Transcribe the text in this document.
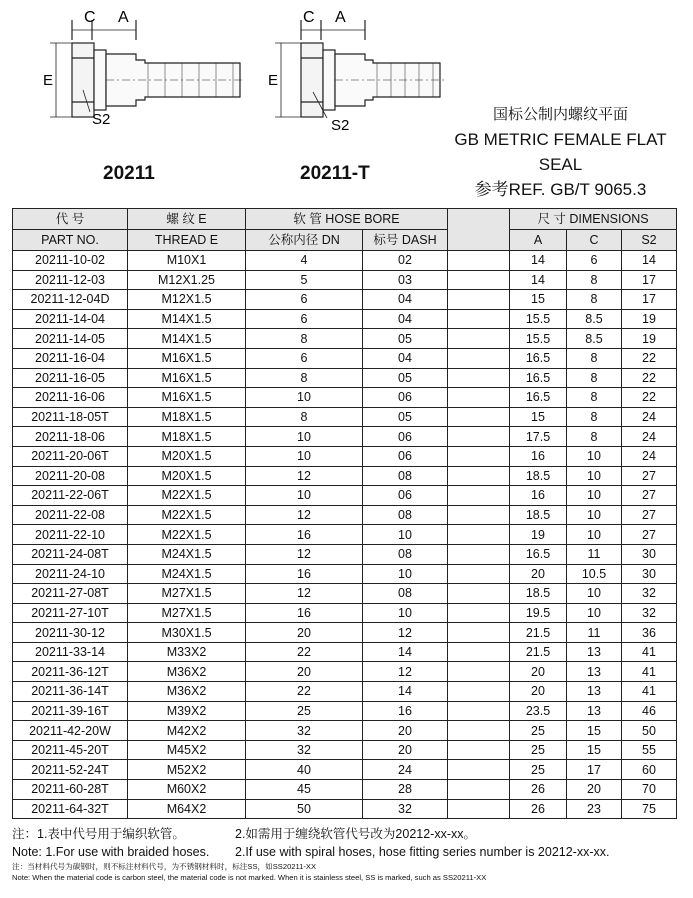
C A
E
S2
C A
E
S2
20211	20211-T
国标公制内螺纹平面
GB METRIC FEMALE FLAT SEAL
参考REF. GB/T 9065.3
代 号	螺 纹 E	软 管 HOSE BORE			尺 寸 DIMENSIONS		
PART NO.	THREAD E	公称内径 DN	标号 DASH		A	C	S2
20211-10-02	M10X1	4	02		14	6	14
20211-12-03	M12X1.25	5	03		14	8	17
20211-12-04D	M12X1.5	6	04		15	8	17
20211-14-04	M14X1.5	6	04		15.5	8.5	19
20211-14-05	M14X1.5	8	05		15.5	8.5	19
20211-16-04	M16X1.5	6	04		16.5	8	22
20211-16-05	M16X1.5	8	05		16.5	8	22
20211-16-06	M16X1.5	10	06		16.5	8	22
20211-18-05T	M18X1.5	8	05		15	8	24
20211-18-06	M18X1.5	10	06		17.5	8	24
20211-20-06T	M20X1.5	10	06		16	10	24
20211-20-08	M20X1.5	12	08		18.5	10	27
20211-22-06T	M22X1.5	10	06		16	10	27
20211-22-08	M22X1.5	12	08		18.5	10	27
20211-22-10	M22X1.5	16	10		19	10	27
20211-24-08T	M24X1.5	12	08		16.5	11	30
20211-24-10	M24X1.5	16	10		20	10.5	30
20211-27-08T	M27X1.5	12	08		18.5	10	32
20211-27-10T	M27X1.5	16	10		19.5	10	32
20211-30-12	M30X1.5	20	12		21.5	11	36
20211-33-14	M33X2	22	14		21.5	13	41
20211-36-12T	M36X2	20	12		20	13	41
20211-36-14T	M36X2	22	14		20	13	41
20211-39-16T	M39X2	25	16		23.5	13	46
20211-42-20W	M42X2	32	20		25	15	50
20211-45-20T	M45X2	32	20		25	15	55
20211-52-24T	M52X2	40	24		25	17	60
20211-60-28T	M60X2	45	28		26	20	70
20211-64-32T	M64X2	50	32		26	23	75
注：1.表中代号用于编织软管。	2.如需用于缠绕软管代号改为20212-xx-xx。
Note: 1.For use with braided hoses. 2.If use with spiral hoses, hose fitting series number is 20212-xx-xx.
注：当材料代号为碳钢时，则不标注材料代号，为不锈钢材料时，标注SS，如SS20211-XX
Note: When the material code is carbon steel, the material code is not marked. When it is stainless steel, SS is marked, such as SS20211-XX
